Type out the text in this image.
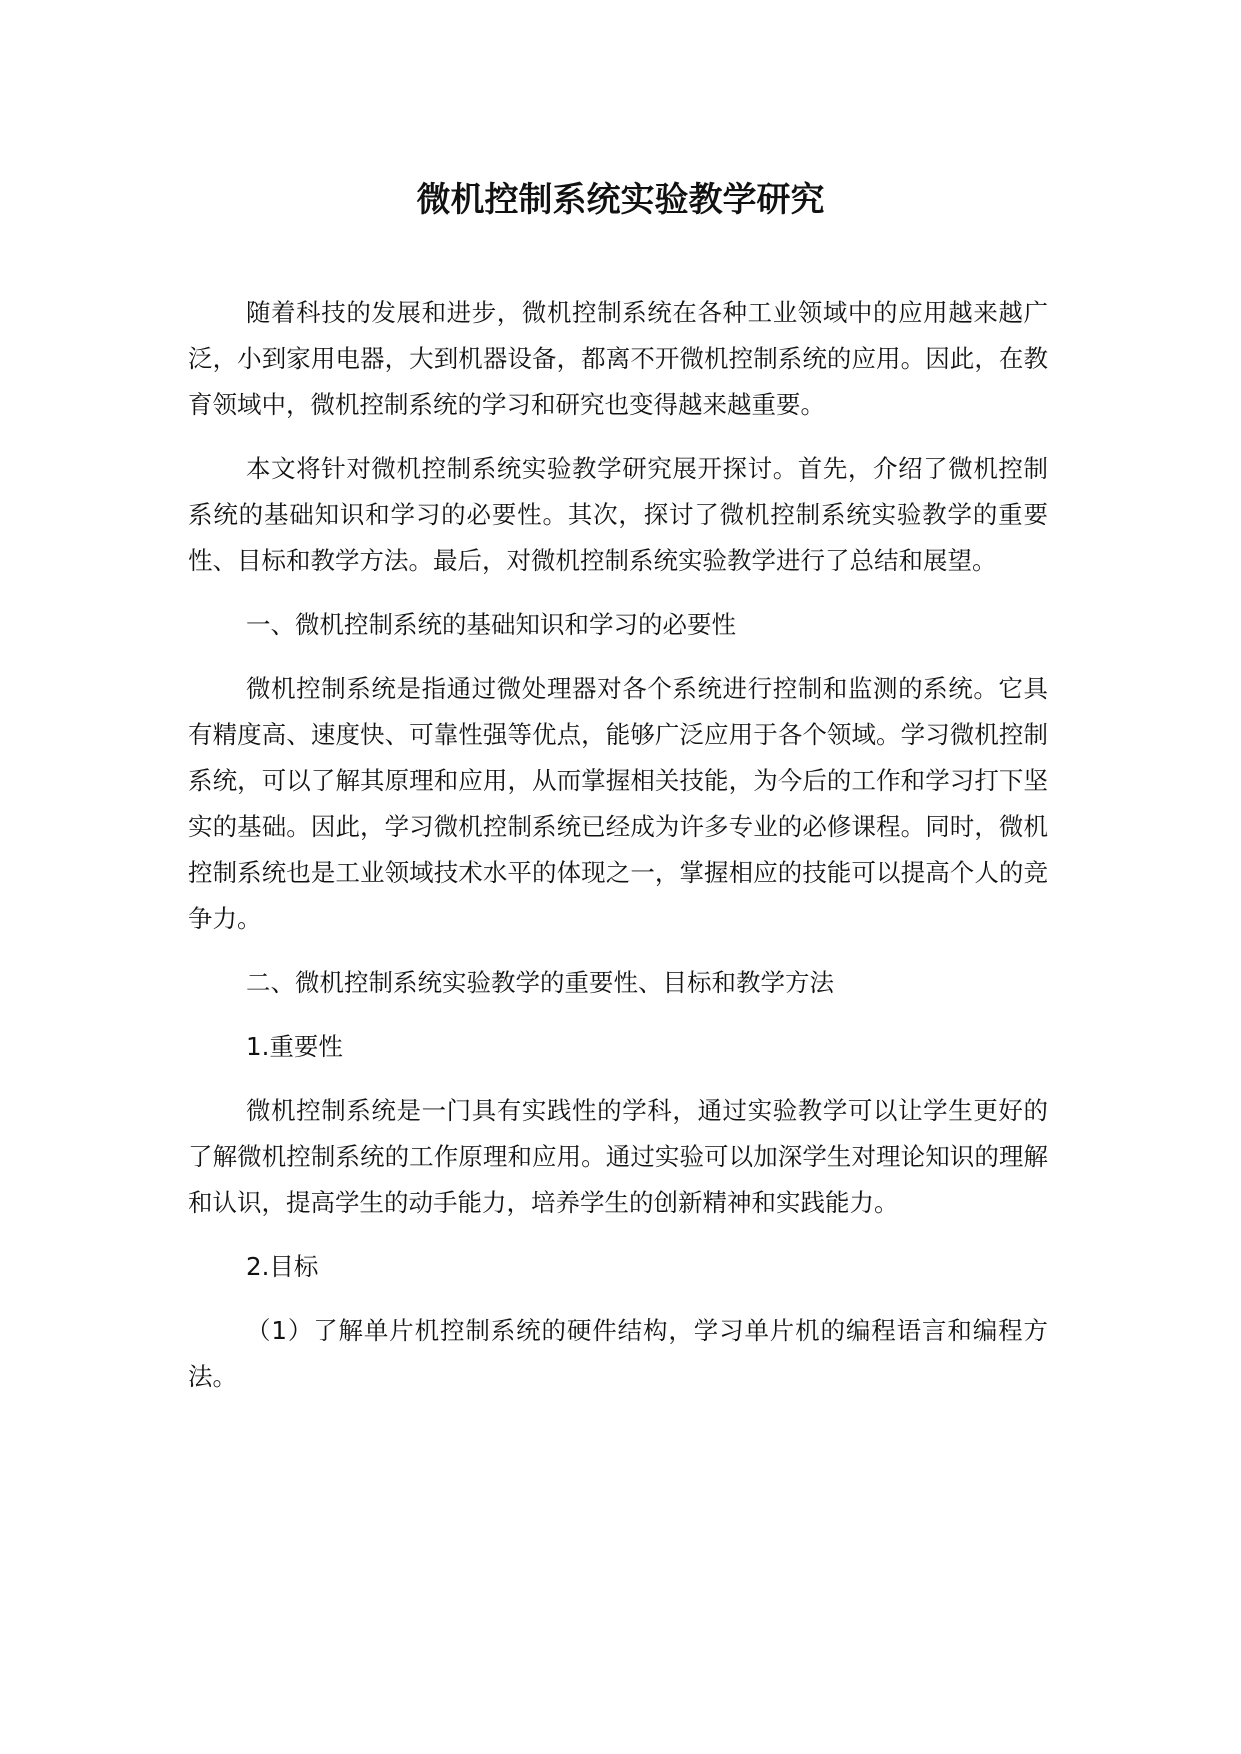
微机控制系统实验教学研究

随着科技的发展和进步，微机控制系统在各种工业领域中的应用越来越广泛，小到家用电器，大到机器设备，都离不开微机控制系统的应用。因此，在教育领域中，微机控制系统的学习和研究也变得越来越重要。

本文将针对微机控制系统实验教学研究展开探讨。首先，介绍了微机控制系统的基础知识和学习的必要性。其次，探讨了微机控制系统实验教学的重要性、目标和教学方法。最后，对微机控制系统实验教学进行了总结和展望。

一、微机控制系统的基础知识和学习的必要性

微机控制系统是指通过微处理器对各个系统进行控制和监测的系统。它具有精度高、速度快、可靠性强等优点，能够广泛应用于各个领域。学习微机控制系统，可以了解其原理和应用，从而掌握相关技能，为今后的工作和学习打下坚实的基础。因此，学习微机控制系统已经成为许多专业的必修课程。同时，微机控制系统也是工业领域技术水平的体现之一，掌握相应的技能可以提高个人的竞争力。

二、微机控制系统实验教学的重要性、目标和教学方法

1.重要性

微机控制系统是一门具有实践性的学科，通过实验教学可以让学生更好的了解微机控制系统的工作原理和应用。通过实验可以加深学生对理论知识的理解和认识，提高学生的动手能力，培养学生的创新精神和实践能力。

2.目标

（1）了解单片机控制系统的硬件结构，学习单片机的编程语言和编程方法。
